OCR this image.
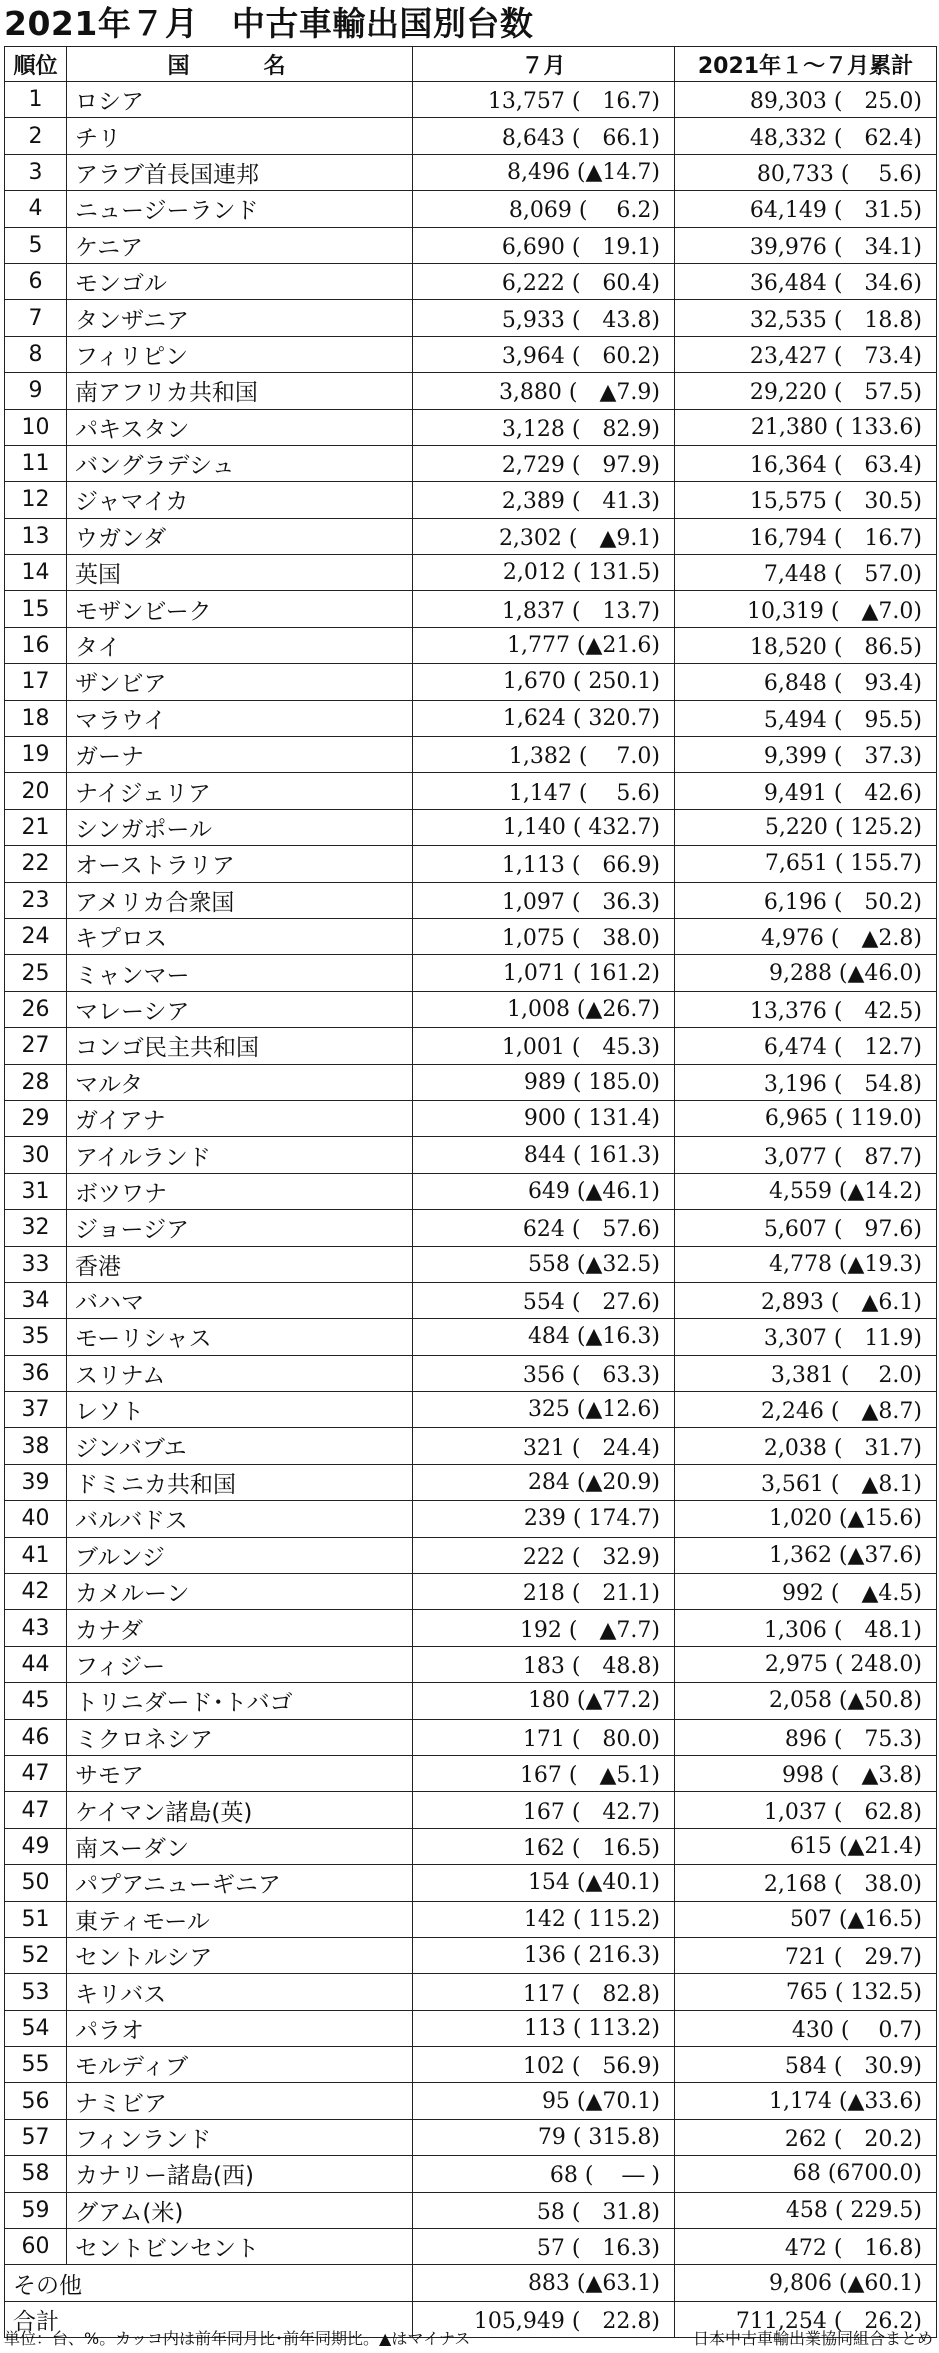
2021年７月　中古車輸出国別台数
順位	国　名	７月	2021年１～７月累計
1	ロシア	13,757 (　16.7)	89,303 (　25.0)
2	チリ	8,643 (　66.1)	48,332 (　62.4)
3	アラブ首長国連邦	8,496 (▲14.7)	80,733 (　 5.6)
4	ニュージーランド	8,069 (　 6.2)	64,149 (　31.5)
5	ケニア	6,690 (　19.1)	39,976 (　34.1)
6	モンゴル	6,222 (　60.4)	36,484 (　34.6)
7	タンザニア	5,933 (　43.8)	32,535 (　18.8)
8	フィリピン	3,964 (　60.2)	23,427 (　73.4)
9	南アフリカ共和国	3,880 (　▲7.9)	29,220 (　57.5)
10	パキスタン	3,128 (　82.9)	21,380 ( 133.6)
11	バングラデシュ	2,729 (　97.9)	16,364 (　63.4)
12	ジャマイカ	2,389 (　41.3)	15,575 (　30.5)
13	ウガンダ	2,302 (　▲9.1)	16,794 (　16.7)
14	英国	2,012 ( 131.5)	7,448 (　57.0)
15	モザンビーク	1,837 (　13.7)	10,319 (　▲7.0)
16	タイ	1,777 (▲21.6)	18,520 (　86.5)
17	ザンビア	1,670 ( 250.1)	6,848 (　93.4)
18	マラウイ	1,624 ( 320.7)	5,494 (　95.5)
19	ガーナ	1,382 (　 7.0)	9,399 (　37.3)
20	ナイジェリア	1,147 (　 5.6)	9,491 (　42.6)
21	シンガポール	1,140 ( 432.7)	5,220 ( 125.2)
22	オーストラリア	1,113 (　66.9)	7,651 ( 155.7)
23	アメリカ合衆国	1,097 (　36.3)	6,196 (　50.2)
24	キプロス	1,075 (　38.0)	4,976 (　▲2.8)
25	ミャンマー	1,071 ( 161.2)	9,288 (▲46.0)
26	マレーシア	1,008 (▲26.7)	13,376 (　42.5)
27	コンゴ民主共和国	1,001 (　45.3)	6,474 (　12.7)
28	マルタ	989 ( 185.0)	3,196 (　54.8)
29	ガイアナ	900 ( 131.4)	6,965 ( 119.0)
30	アイルランド	844 ( 161.3)	3,077 (　87.7)
31	ボツワナ	649 (▲46.1)	4,559 (▲14.2)
32	ジョージア	624 (　57.6)	5,607 (　97.6)
33	香港	558 (▲32.5)	4,778 (▲19.3)
34	バハマ	554 (　27.6)	2,893 (　▲6.1)
35	モーリシャス	484 (▲16.3)	3,307 (　11.9)
36	スリナム	356 (　63.3)	3,381 (　 2.0)
37	レソト	325 (▲12.6)	2,246 (　▲8.7)
38	ジンバブエ	321 (　24.4)	2,038 (　31.7)
39	ドミニカ共和国	284 (▲20.9)	3,561 (　▲8.1)
40	バルバドス	239 ( 174.7)	1,020 (▲15.6)
41	ブルンジ	222 (　32.9)	1,362 (▲37.6)
42	カメルーン	218 (　21.1)	992 (　▲4.5)
43	カナダ	192 (　▲7.7)	1,306 (　48.1)
44	フィジー	183 (　48.8)	2,975 ( 248.0)
45	トリニダード･トバゴ	180 (▲77.2)	2,058 (▲50.8)
46	ミクロネシア	171 (　80.0)	896 (　75.3)
47	サモア	167 (　▲5.1)	998 (　▲3.8)
47	ケイマン諸島(英)	167 (　42.7)	1,037 (　62.8)
49	南スーダン	162 (　16.5)	615 (▲21.4)
50	パプアニューギニア	154 (▲40.1)	2,168 (　38.0)
51	東ティモール	142 ( 115.2)	507 (▲16.5)
52	セントルシア	136 ( 216.3)	721 (　29.7)
53	キリバス	117 (　82.8)	765 ( 132.5)
54	パラオ	113 ( 113.2)	430 (　 0.7)
55	モルディブ	102 (　56.9)	584 (　30.9)
56	ナミビア	95 (▲70.1)	1,174 (▲33.6)
57	フィンランド	79 ( 315.8)	262 (　20.2)
58	カナリー諸島(西)	68 (　 ― )	68 (6700.0)
59	グアム(米)	58 (　31.8)	458 ( 229.5)
60	セントビンセント	57 (　16.3)	472 (　16.8)
その他		883 (▲63.1)	9,806 (▲60.1)
合計		105,949 (　22.8)	711,254 (　26.2)
単位：台、%。カッコ内は前年同月比･前年同期比。▲はマイナス	日本中古車輸出業協同組合まとめ
